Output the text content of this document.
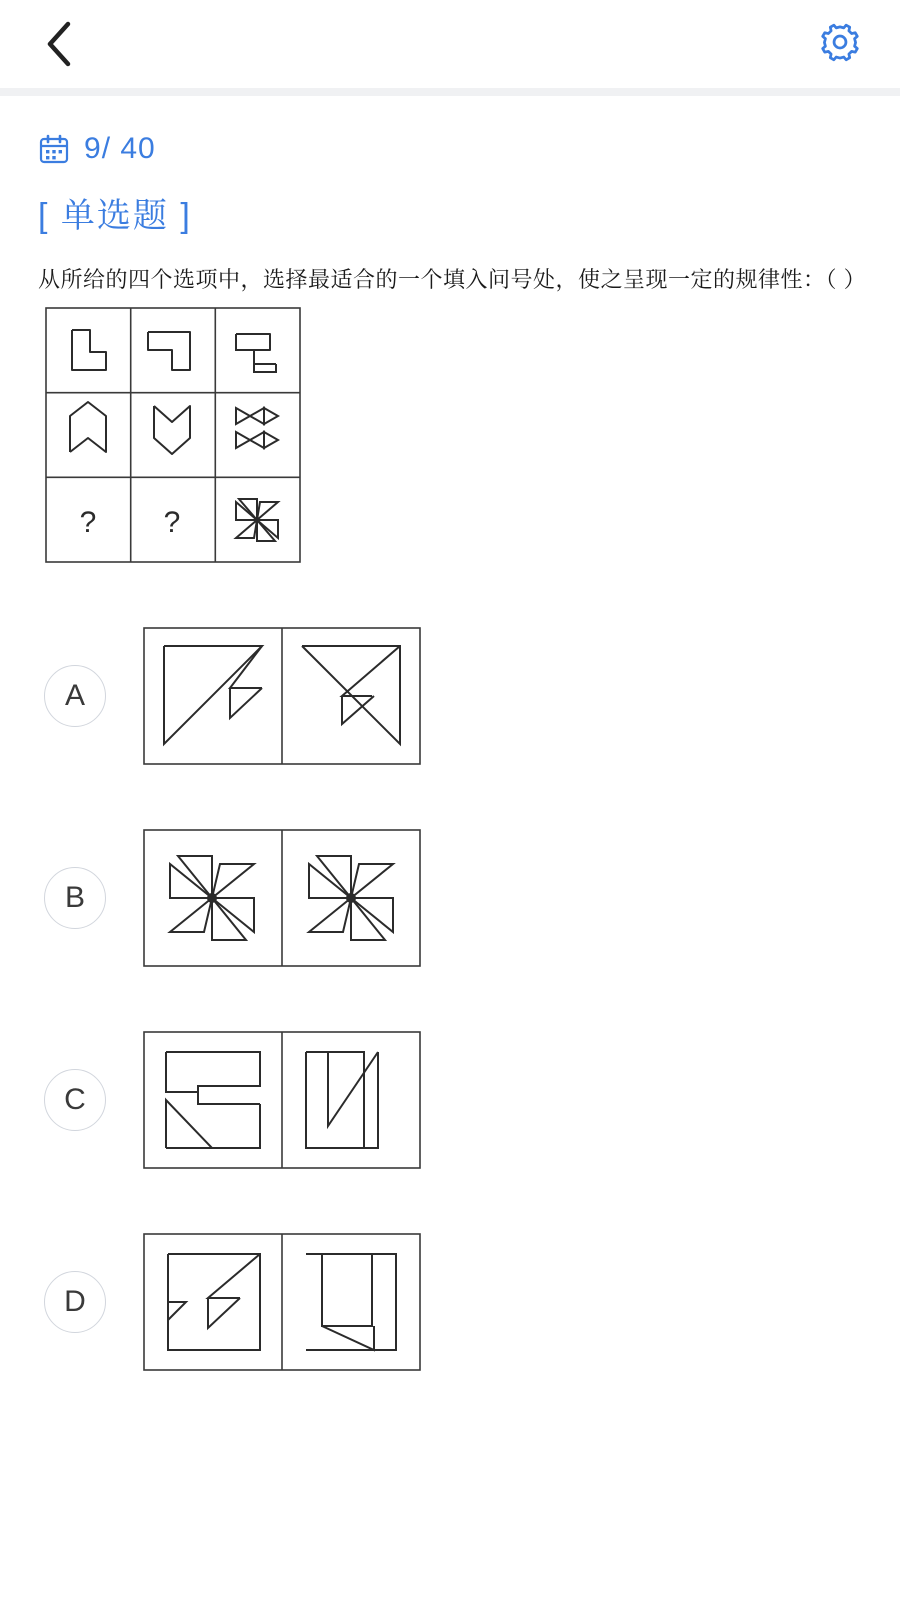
9/ 40
[ 单选题 ]
从所给的四个选项中，选择最适合的一个填入问号处，使之呈现一定的规律性：（ ）
? ?
A
B
C
D
